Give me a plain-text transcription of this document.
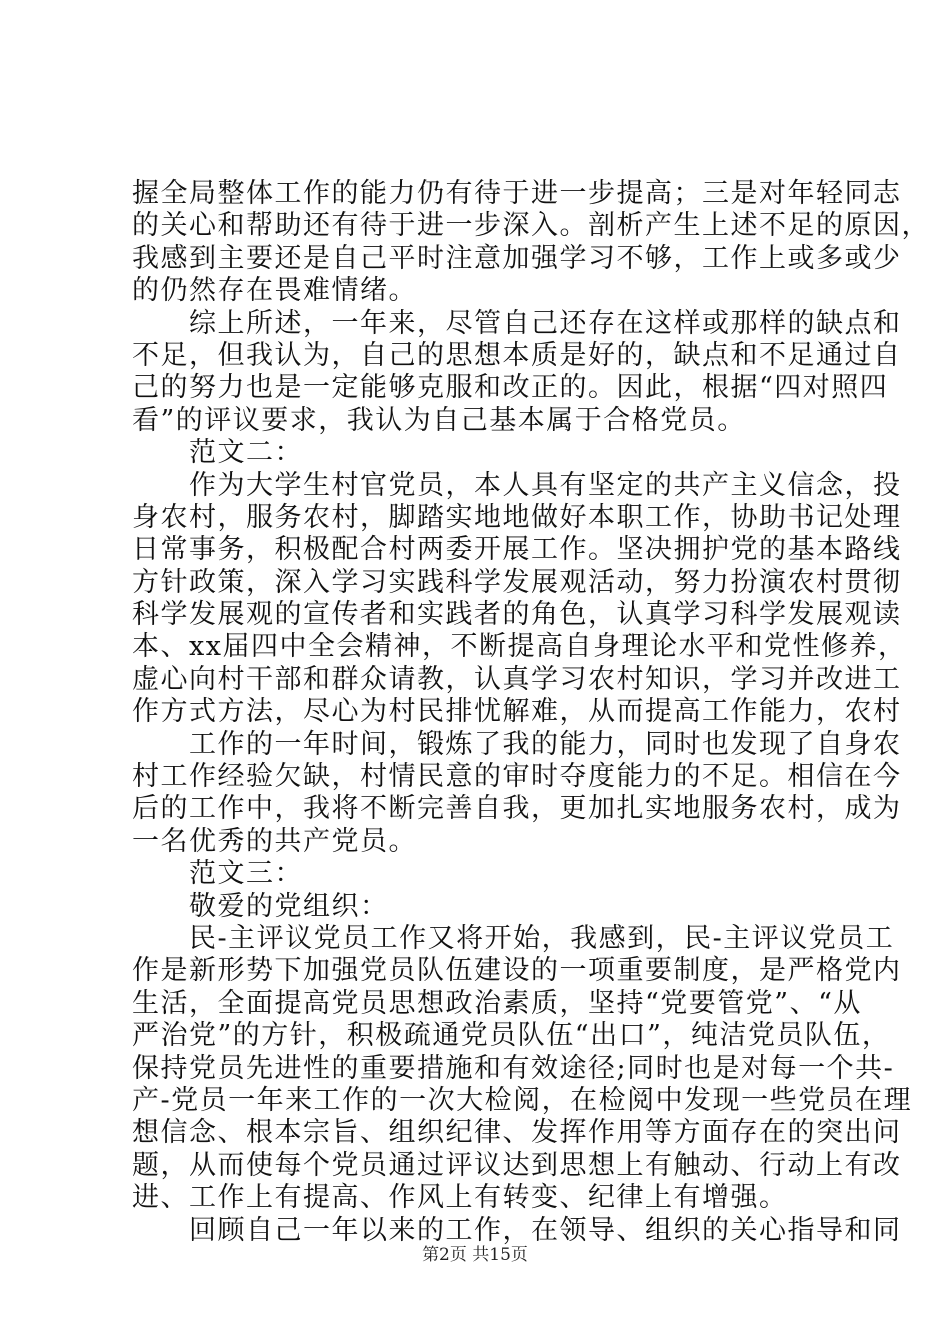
握全局整体工作的能力仍有待于进一步提高；三是对年轻同志
的关心和帮助还有待于进一步深入。剖析产生上述不足的原因，
我感到主要还是自己平时注意加强学习不够，工作上或多或少
的仍然存在畏难情绪。
　　综上所述，一年来，尽管自己还存在这样或那样的缺点和
不足，但我认为，自己的思想本质是好的，缺点和不足通过自
己的努力也是一定能够克服和改正的。因此，根据“四对照四
看”的评议要求，我认为自己基本属于合格党员。
　　范文二：
　　作为大学生村官党员，本人具有坚定的共产主义信念，投
身农村，服务农村，脚踏实地地做好本职工作，协助书记处理
日常事务，积极配合村两委开展工作。坚决拥护党的基本路线
方针政策，深入学习实践科学发展观活动，努力扮演农村贯彻
科学发展观的宣传者和实践者的角色，认真学习科学发展观读
本、xx届四中全会精神，不断提高自身理论水平和党性修养，
虚心向村干部和群众请教，认真学习农村知识，学习并改进工
作方式方法，尽心为村民排忧解难，从而提高工作能力，农村
　　工作的一年时间，锻炼了我的能力，同时也发现了自身农
村工作经验欠缺，村情民意的审时夺度能力的不足。相信在今
后的工作中，我将不断完善自我，更加扎实地服务农村，成为
一名优秀的共产党员。
　　范文三：
　　敬爱的党组织：
　　民-主评议党员工作又将开始，我感到，民-主评议党员工
作是新形势下加强党员队伍建设的一项重要制度，是严格党内
生活，全面提高党员思想政治素质，坚持“党要管党”、“从
严治党”的方针，积极疏通党员队伍“出口”，纯洁党员队伍，
保持党员先进性的重要措施和有效途径;同时也是对每一个共-
产-党员一年来工作的一次大检阅，在检阅中发现一些党员在理
想信念、根本宗旨、组织纪律、发挥作用等方面存在的突出问
题，从而使每个党员通过评议达到思想上有触动、行动上有改
进、工作上有提高、作风上有转变、纪律上有增强。
　　回顾自己一年以来的工作，在领导、组织的关心指导和同
第2页 共15页
